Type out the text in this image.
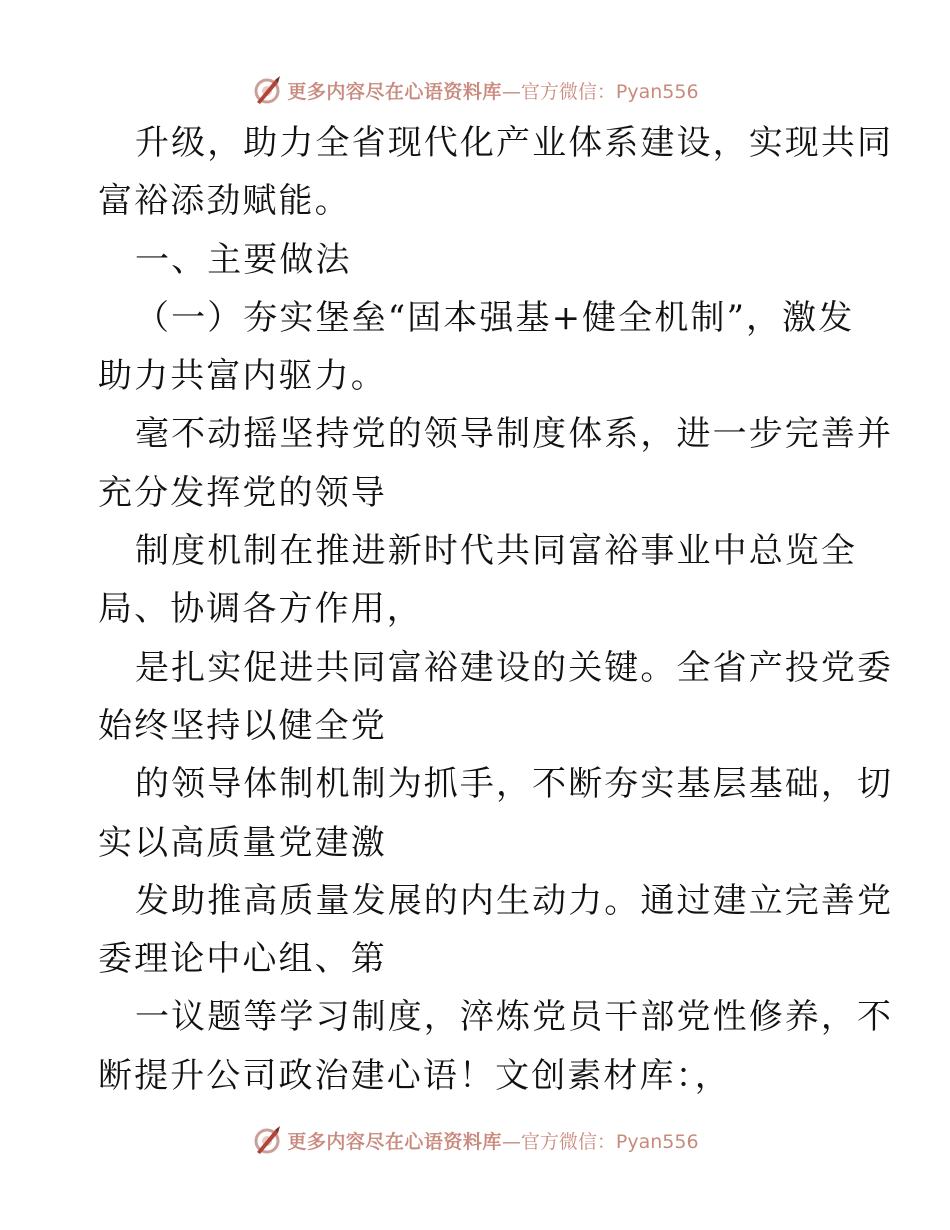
更多内容尽在心语资料库 —官方微信：Pyan556
升级，助力全省现代化产业体系建设，实现共同
富裕添劲赋能。
一、主要做法
（一）夯实堡垒“固本强基+健全机制”，激发
助力共富内驱力。
毫不动摇坚持党的领导制度体系，进一步完善并
充分发挥党的领导
制度机制在推进新时代共同富裕事业中总览全
局、协调各方作用，
是扎实促进共同富裕建设的关键。全省产投党委
始终坚持以健全党
的领导体制机制为抓手，不断夯实基层基础，切
实以高质量党建激
发助推高质量发展的内生动力。通过建立完善党
委理论中心组、第
一议题等学习制度，淬炼党员干部党性修养，不
断提升公司政治建心语！文创素材库：，
更多内容尽在心语资料库 —官方微信：Pyan556
